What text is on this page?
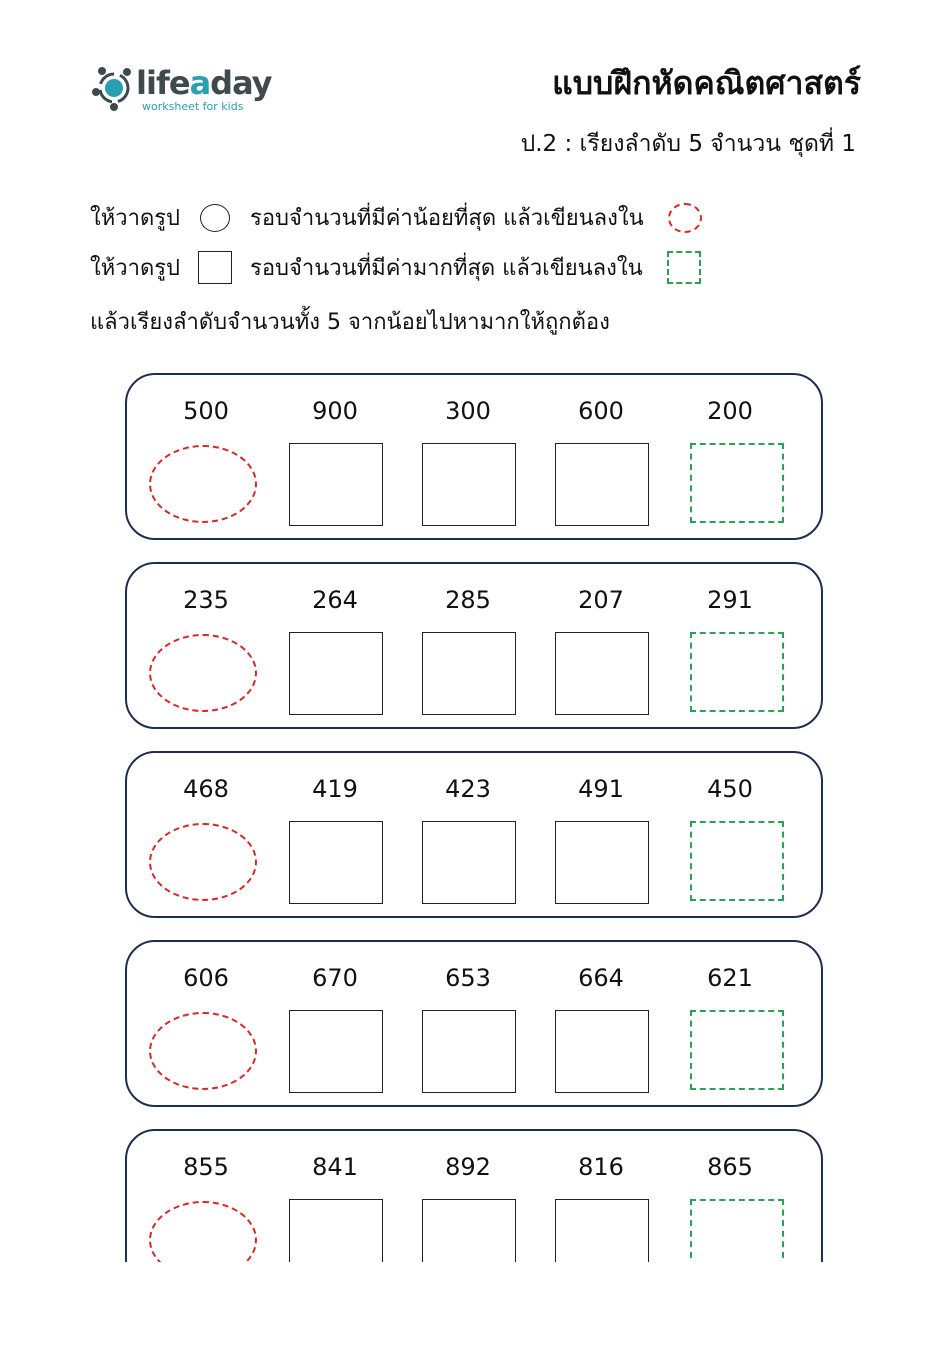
lifeaday
worksheet for kids
แบบฝึกหัดคณิตศาสตร์
ป.2 : เรียงลำดับ 5 จำนวน ชุดที่ 1
ให้วาดรูป	รอบจำนวนที่มีค่าน้อยที่สุด แล้วเขียนลงใน
ให้วาดรูป	รอบจำนวนที่มีค่ามากที่สุด แล้วเขียนลงใน
แล้วเรียงลำดับจำนวนทั้ง 5 จากน้อยไปหามากให้ถูกต้อง
500	900	300	600	200
235	264	285	207	291
468	419	423	491	450
606	670	653	664	621
855	841	892	816	865
